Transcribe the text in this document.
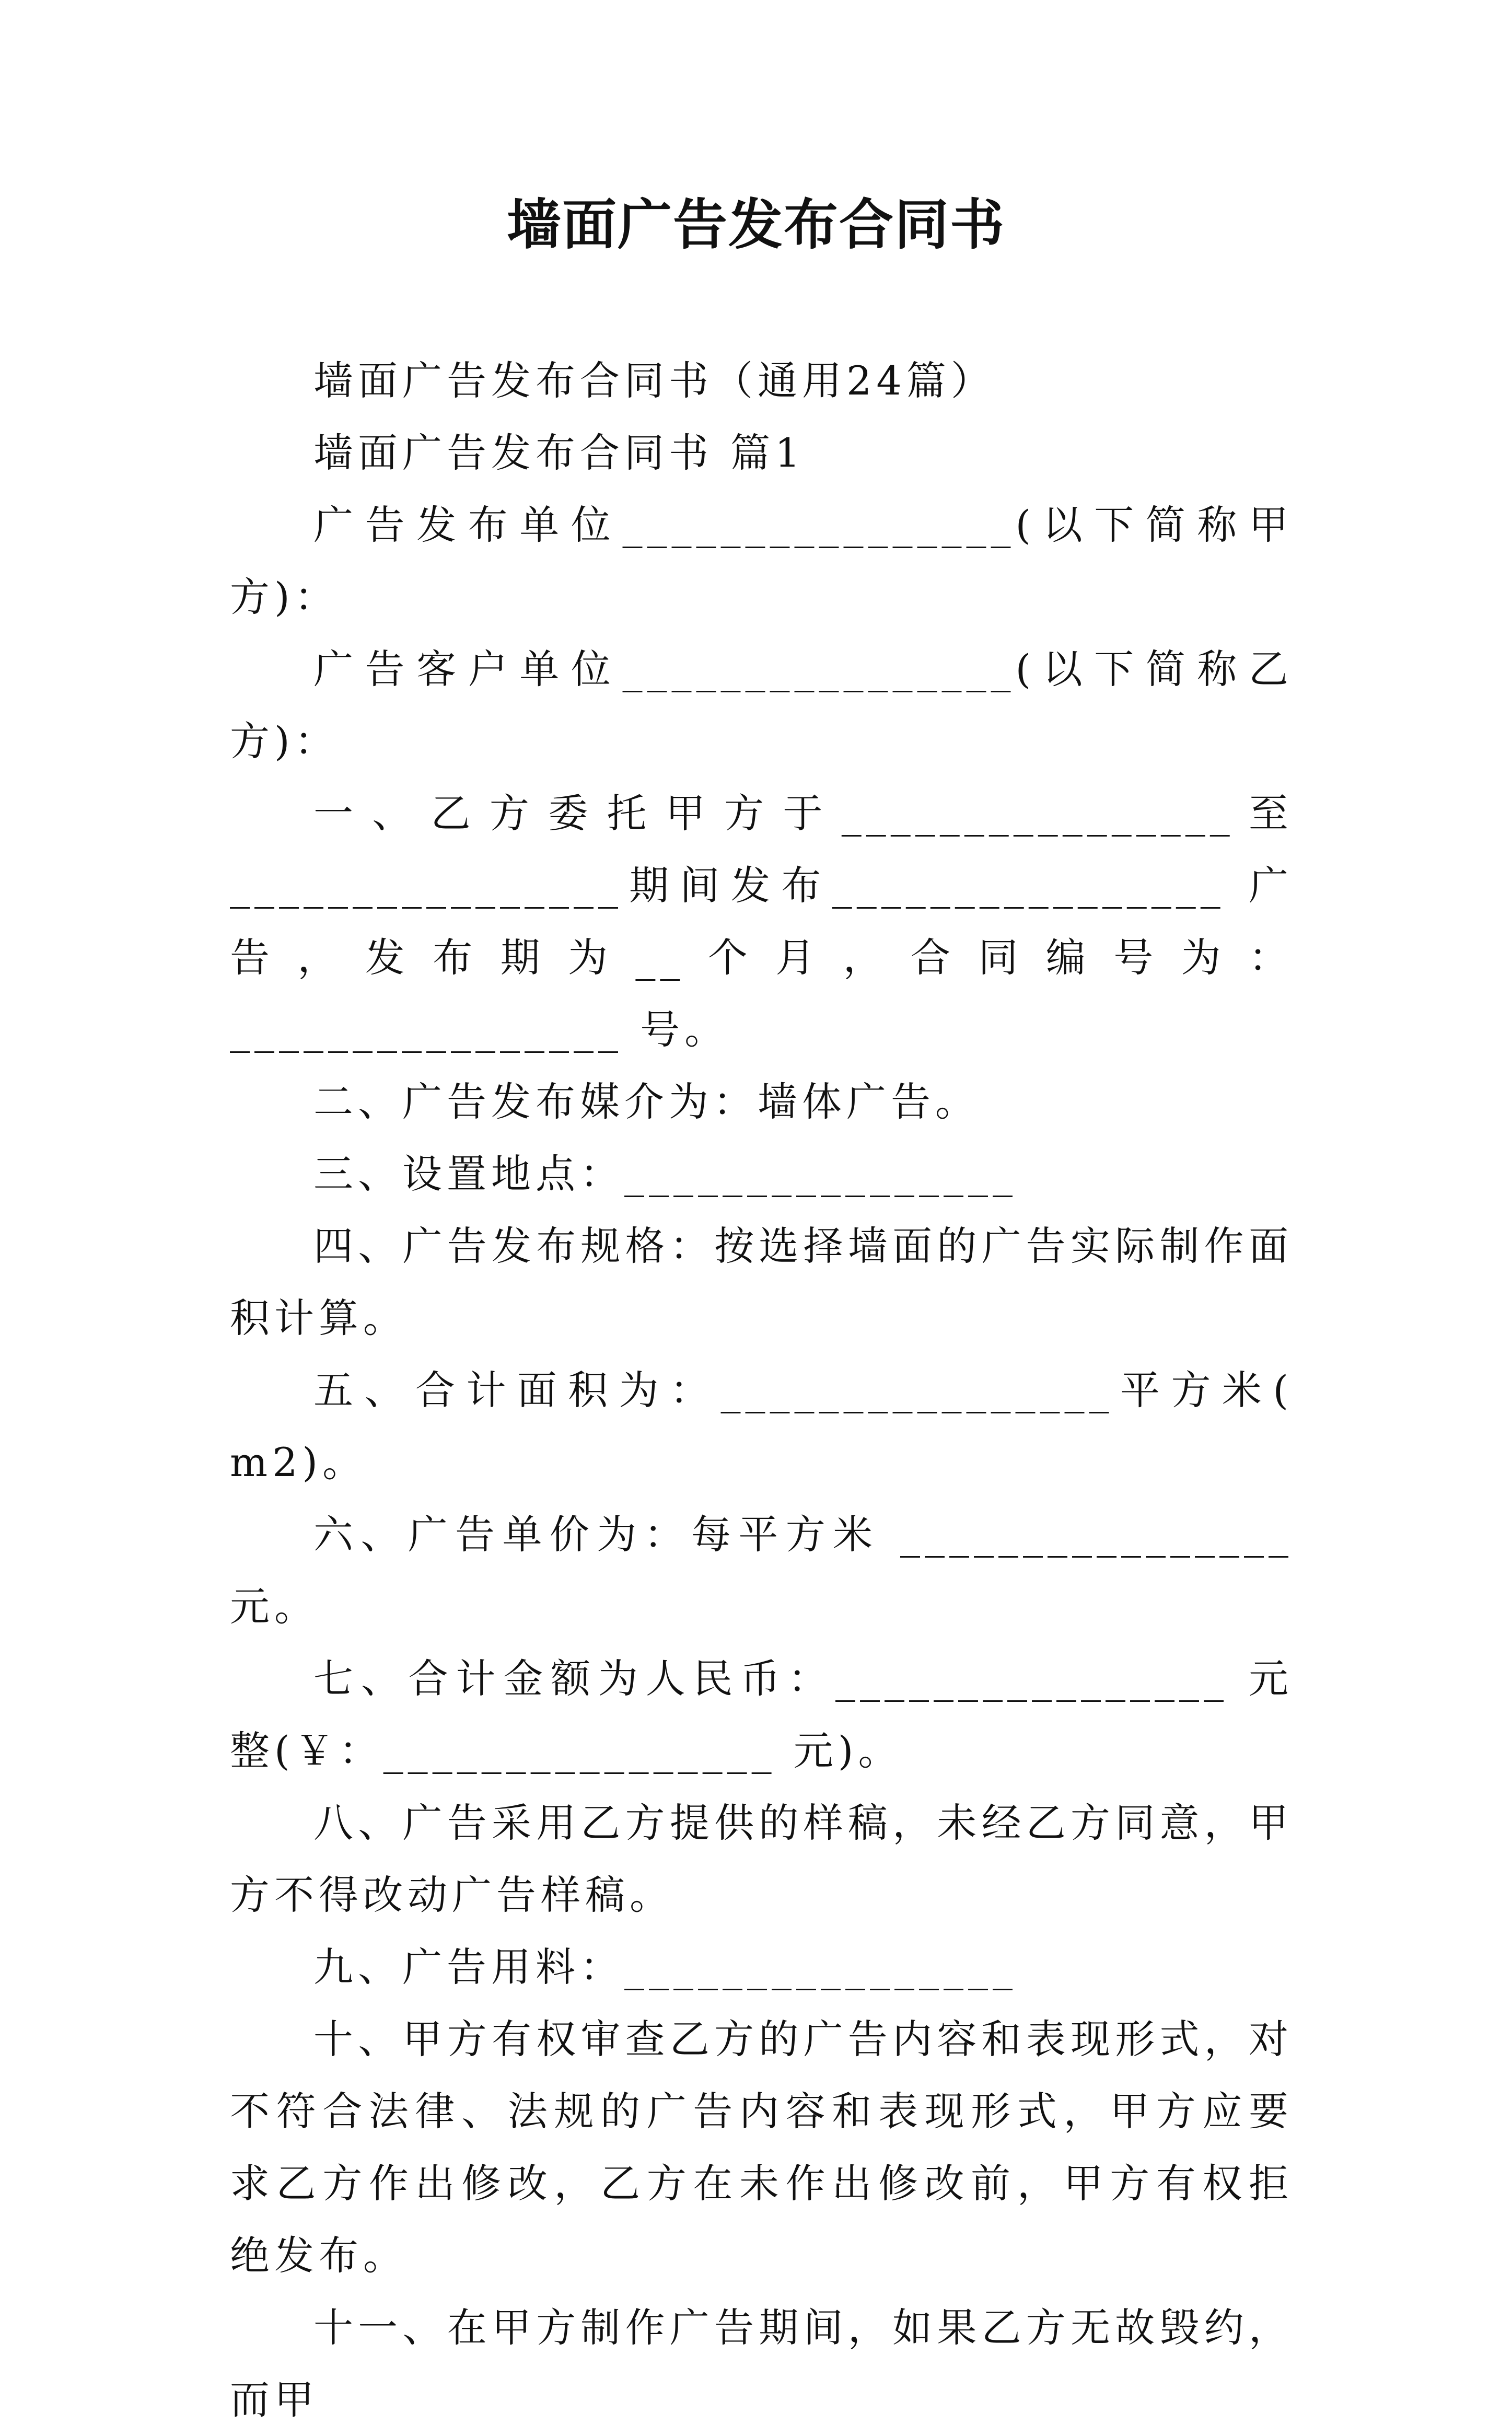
墙面广告发布合同书

墙面广告发布合同书（通用24篇）

墙面广告发布合同书 篇1

广告发布单位________________(以下简称甲方)：

广告客户单位________________(以下简称乙方)：

一、乙方委托甲方于________________至________________期间发布________________ 广告，发布期为__个月，合同编号为：________________ 号。

二、广告发布媒介为：墙体广告。

三、设置地点：________________

四、广告发布规格：按选择墙面的广告实际制作面积计算。

五、合计面积为：________________平方米( m2)。

六、广告单价为：每平方米 ________________元。

七、合计金额为人民币：________________ 元整(￥：________________ 元)。

八、广告采用乙方提供的样稿，未经乙方同意，甲方不得改动广告样稿。

九、广告用料：________________

十、甲方有权审查乙方的广告内容和表现形式，对不符合法律、法规的广告内容和表现形式，甲方应要求乙方作出修改，乙方在未作出修改前，甲方有权拒绝发布。

十一、在甲方制作广告期间，如果乙方无故毁约，而甲
